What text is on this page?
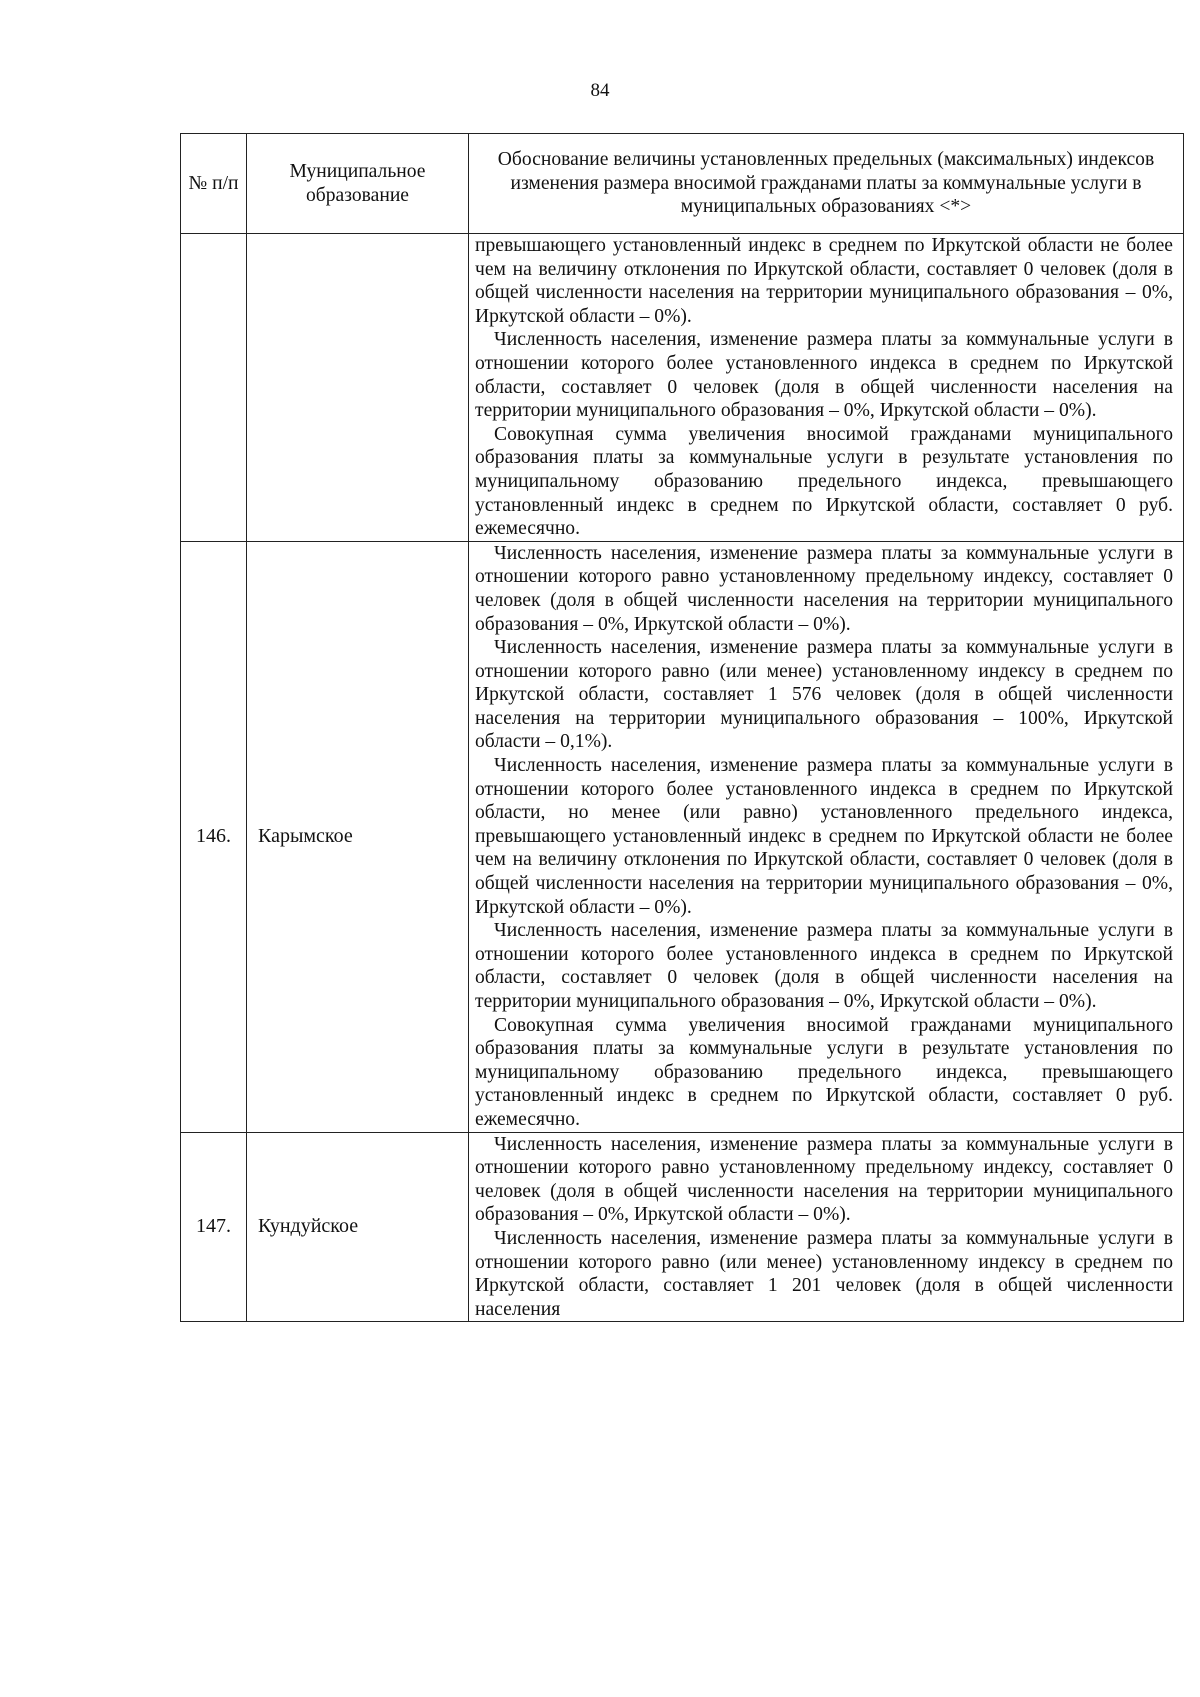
84
№ п/п	Муниципальное образование	Обоснование величины установленных предельных (максимальных) индексов изменения размера вносимой гражданами платы за коммунальные услуги в муниципальных образованиях <*>

		превышающего установленный индекс в среднем по Иркутской области не более чем на величину отклонения по Иркутской области, составляет 0 человек (доля в общей численности населения на территории муниципального образования – 0%, Иркутской области – 0%).

Численность населения, изменение размера платы за коммунальные услуги в отношении которого более установленного индекса в среднем по Иркутской области, составляет 0 человек (доля в общей численности населения на территории муниципального образования – 0%, Иркутской области – 0%).

Совокупная сумма увеличения вносимой гражданами муниципального образования платы за коммунальные услуги в результате установления по муниципальному образованию предельного индекса, превышающего установленный индекс в среднем по Иркутской области, составляет 0 руб. ежемесячно.

146.	Карымское	Численность населения, изменение размера платы за коммунальные услуги в отношении которого равно установленному предельному индексу, составляет 0 человек (доля в общей численности населения на территории муниципального образования – 0%, Иркутской области – 0%).

Численность населения, изменение размера платы за коммунальные услуги в отношении которого равно (или менее) установленному индексу в среднем по Иркутской области, составляет 1 576 человек (доля в общей численности населения на территории муниципального образования – 100%, Иркутской области – 0,1%).

Численность населения, изменение размера платы за коммунальные услуги в отношении которого более установленного индекса в среднем по Иркутской области, но менее (или равно) установленного предельного индекса, превышающего установленный индекс в среднем по Иркутской области не более чем на величину отклонения по Иркутской области, составляет 0 человек (доля в общей численности населения на территории муниципального образования – 0%, Иркутской области – 0%).

Численность населения, изменение размера платы за коммунальные услуги в отношении которого более установленного индекса в среднем по Иркутской области, составляет 0 человек (доля в общей численности населения на территории муниципального образования – 0%, Иркутской области – 0%).

Совокупная сумма увеличения вносимой гражданами муниципального образования платы за коммунальные услуги в результате установления по муниципальному образованию предельного индекса, превышающего установленный индекс в среднем по Иркутской области, составляет 0 руб. ежемесячно.

147.	Кундуйское	Численность населения, изменение размера платы за коммунальные услуги в отношении которого равно установленному предельному индексу, составляет 0 человек (доля в общей численности населения на территории муниципального образования – 0%, Иркутской области – 0%).

Численность населения, изменение размера платы за коммунальные услуги в отношении которого равно (или менее) установленному индексу в среднем по Иркутской области, составляет 1 201 человек (доля в общей численности населения
